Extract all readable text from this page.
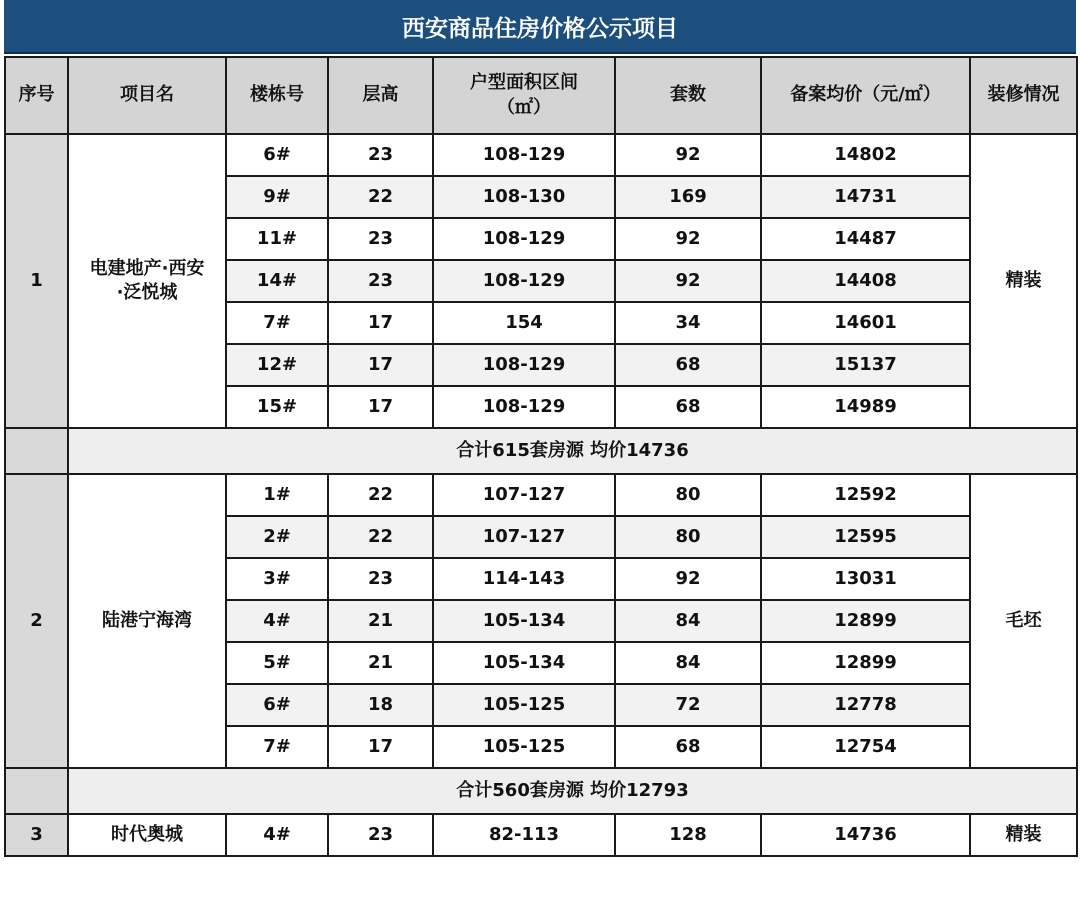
西安商品住房价格公示项目
序号	项目名	楼栋号	层高	户型面积区间
（㎡）	套数	备案均价（元/㎡）	装修情况
1	电建地产·西安
·泛悦城	6#	23	108-129	92	14802	精装
		9#	22	108-130	169	14731	
		11#	23	108-129	92	14487	
		14#	23	108-129	92	14408	
		7#	17	154	34	14601	
		12#	17	108-129	68	15137	
		15#	17	108-129	68	14989	
	合计615套房源 均价14736						
2	陆港宁海湾	1#	22	107-127	80	12592	毛坯
		2#	22	107-127	80	12595	
		3#	23	114-143	92	13031	
		4#	21	105-134	84	12899	
		5#	21	105-134	84	12899	
		6#	18	105-125	72	12778	
		7#	17	105-125	68	12754	
	合计560套房源 均价12793						
3	时代奥城	4#	23	82-113	128	14736	精装
